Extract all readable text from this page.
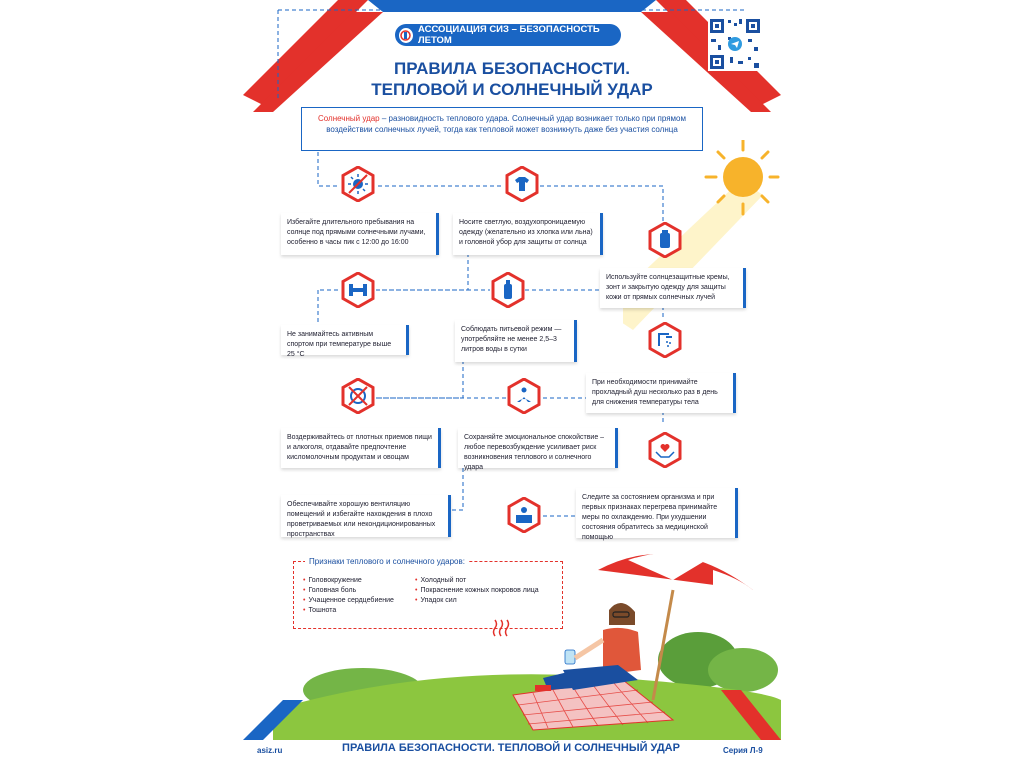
АССОЦИАЦИЯ СИЗ – БЕЗОПАСНОСТЬ ЛЕТОМ
ПРАВИЛА БЕЗОПАСНОСТИ.
ТЕПЛОВОЙ И СОЛНЕЧНЫЙ УДАР
Солнечный удар – разновидность теплового удара. Солнечный удар возникает только при прямом
воздействии солнечных лучей, тогда как тепловой может возникнуть даже без участия солнца
Избегайте длительного пребывания на солнце под прямыми солнечными лучами, особенно в часы пик с 12:00 до 16:00
Носите светлую, воздухопроницаемую одежду (желательно из хлопка или льна) и головной убор для защиты от солнца
Используйте солнцезащитные кремы, зонт и закрытую одежду для защиты кожи от прямых солнечных лучей
Не занимайтесь активным спортом при температуре выше 25 °С
Соблюдать питьевой режим — употребляйте не менее 2,5–3 литров воды в сутки
При необходимости принимайте прохладный душ несколько раз в день для снижения температуры тела
Воздерживайтесь от плотных приемов пищи и алкоголя, отдавайте предпочтение кисломолочным продуктам и овощам
Сохраняйте эмоциональное спокойствие – любое перевозбуждение усиливает риск возникновения теплового и солнечного удара
Следите за состоянием организма и при первых признаках перегрева принимайте меры по охлаждению. При ухудшении состояния обратитесь за медицинской помощью
Обеспечивайте хорошую вентиляцию помещений и избегайте нахождения в плохо проветриваемых или некондиционированных пространствах
Признаки теплового и солнечного ударов:
• Головокружение
• Головная боль
• Учащенное сердцебиение
• Тошнота
• Холодный пот
• Покраснение кожных покровов лица
• Упадок сил
asiz.ru	ПРАВИЛА БЕЗОПАСНОСТИ. ТЕПЛОВОЙ И СОЛНЕЧНЫЙ УДАР	Серия Л-9
